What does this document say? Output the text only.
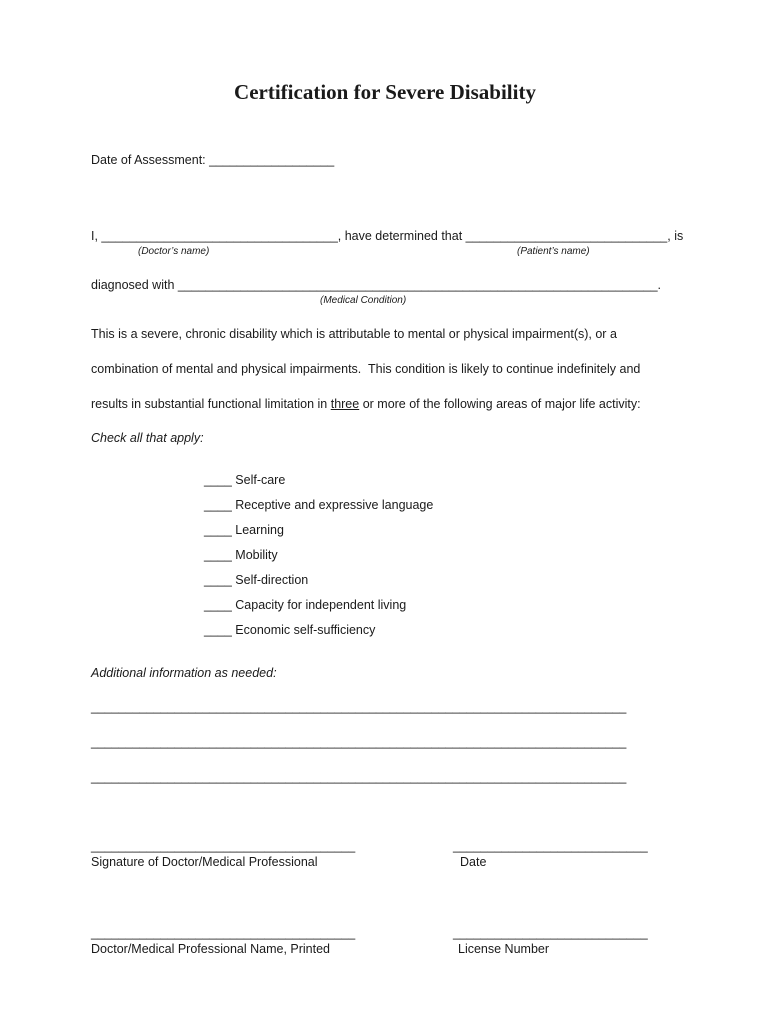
Certification for Severe Disability
Date of Assessment: __________________
I, __________________________________, have determined that _____________________________, is
(Doctor’s name)	(Patient’s name)
diagnosed with _____________________________________________________________________.
(Medical Condition)
This is a severe, chronic disability which is attributable to mental or physical impairment(s), or a
combination of mental and physical impairments.  This condition is likely to continue indefinitely and
results in substantial functional limitation in three or more of the following areas of major life activity:
Check all that apply:
____ Self-care
____ Receptive and expressive language
____ Learning
____ Mobility
____ Self-direction
____ Capacity for independent living
____ Economic self-sufficiency
Additional information as needed:
_____________________________________________________________________________
_____________________________________________________________________________
_____________________________________________________________________________
______________________________________
Signature of Doctor/Medical Professional
____________________________
Date
______________________________________
Doctor/Medical Professional Name, Printed
____________________________
License Number
